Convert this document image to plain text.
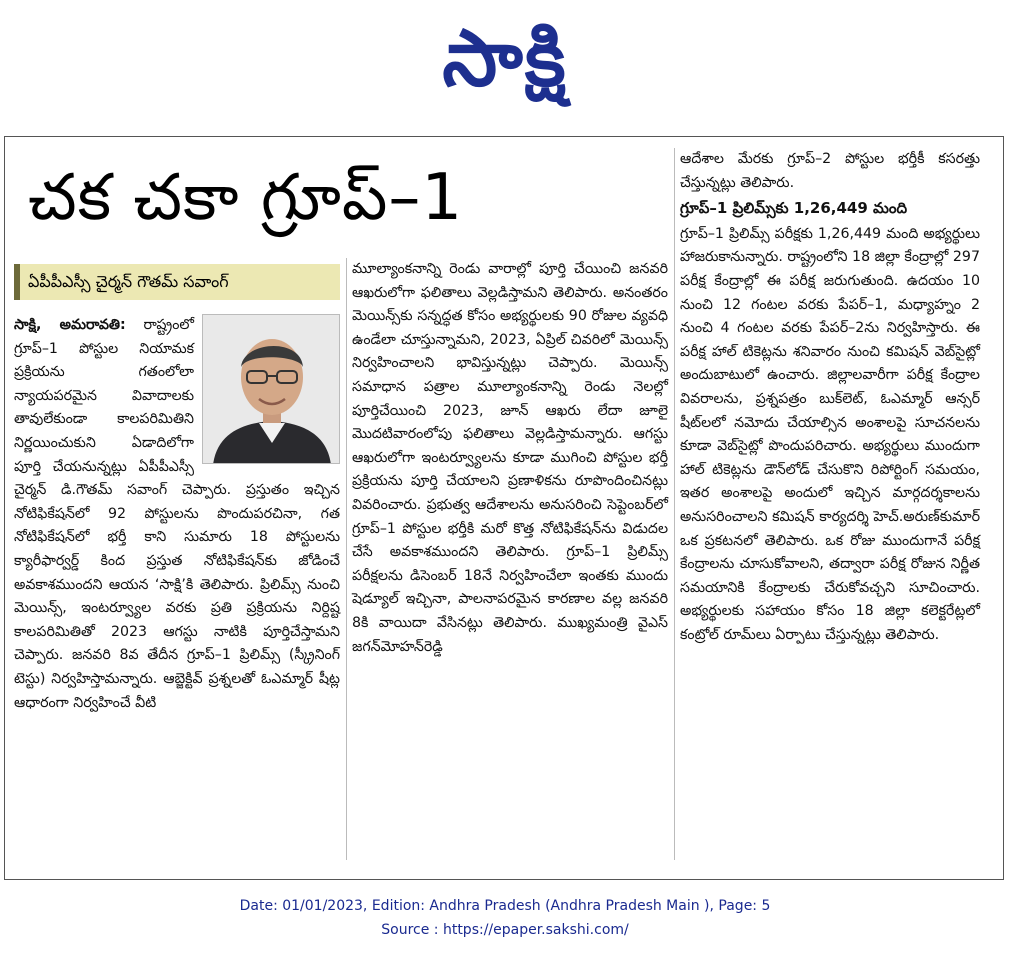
సాక్షి
చక చకా గ్రూప్‌–1
ఏపీపీఎస్సీ చైర్మన్‌ గౌతమ్‌ సవాంగ్‌

సాక్షి, అమరావతి: రాష్ట్రంలో గ్రూప్‌–1 పోస్టుల నియామక ప్రక్రియను గతంలోలా న్యాయపరమైన వివాదాలకు తావులేకుండా కాలపరిమితిని నిర్ణయించుకుని ఏడాదిలోగా పూర్తి చేయనున్నట్లు ఏపీపీఎస్సీ చైర్మన్‌ డి.గౌతమ్‌ సవాంగ్‌ చెప్పారు. ప్రస్తుతం ఇచ్చిన నోటిఫికేషన్‌లో 92 పోస్టులను పొందుపరచినా, గత నోటిఫికేషన్‌లో భర్తీ కాని సుమారు 18 పోస్టులను క్యారీఫార్వర్డ్‌ కింద ప్రస్తుత నోటిఫికేషన్‌కు జోడించే అవకాశముందని ఆయన ‘సాక్షి’కి తెలిపారు. ప్రిలిమ్స్‌ నుంచి మెయిన్స్, ఇంటర్వ్యూల వరకు ప్రతి ప్రక్రియను నిర్దిష్ట కాలపరిమితితో 2023 ఆగస్టు నాటికి పూర్తిచేస్తామని చెప్పారు. జనవరి 8వ తేదీన గ్రూప్‌–1 ప్రిలిమ్స్‌ (స్క్రీనింగ్‌ టెస్టు) నిర్వహిస్తామన్నారు. ఆబ్జెక్టివ్‌ ప్రశ్నలతో ఓఎమ్మార్‌ షీట్ల ఆధారంగా నిర్వహించే వీటి

మూల్యాంకనాన్ని రెండు వారాల్లో పూర్తి చేయించి జనవరి ఆఖరులోగా ఫలితాలు వెల్లడిస్తామని తెలిపారు. అనంతరం మెయిన్స్‌కు సన్నద్ధత కోసం అభ్యర్థులకు 90 రోజుల వ్యవధి ఉండేలా చూస్తున్నామని, 2023, ఏప్రిల్‌ చివరిలో మెయిన్స్‌ నిర్వహించాలని భావిస్తున్నట్లు చెప్పారు. మెయిన్స్‌ సమాధాన పత్రాల మూల్యాంకనాన్ని రెండు నెలల్లో పూర్తిచేయించి 2023, జూన్‌ ఆఖరు లేదా జూలై మొదటివారంలోపు ఫలితాలు వెల్లడిస్తామన్నారు. ఆగస్టు ఆఖరులోగా ఇంటర్వ్యూలను కూడా ముగించి పోస్టుల భర్తీ ప్రక్రియను పూర్తి చేయాలని ప్రణాళికను రూపొందించినట్లు వివరించారు. ప్రభుత్వ ఆదేశాలను అనుసరించి సెప్టెంబర్‌లో గ్రూప్‌–1 పోస్టుల భర్తీకి మరో కొత్త నోటిఫికేషన్‌ను విడుదల చేసే అవకాశముందని తెలిపారు. గ్రూప్‌–1 ప్రిలిమ్స్‌ పరీక్షలను డిసెంబర్‌ 18నే నిర్వహించేలా ఇంతకు ముందు షెడ్యూల్‌ ఇచ్చినా, పాలనాపరమైన కారణాల వల్ల జనవరి 8కి వాయిదా వేసినట్లు తెలిపారు. ముఖ్యమంత్రి వైఎస్‌ జగన్‌మోహన్‌రెడ్డి

ఆదేశాల మేరకు గ్రూప్‌–2 పోస్టుల భర్తీకీ కసరత్తు చేస్తున్నట్లు తెలిపారు.

గ్రూప్‌–1 ప్రిలిమ్స్‌కు 1,26,449 మంది

గ్రూప్‌–1 ప్రిలిమ్స్‌ పరీక్షకు 1,26,449 మంది అభ్యర్థులు హాజరుకానున్నారు. రాష్ట్రంలోని 18 జిల్లా కేంద్రాల్లో 297 పరీక్ష కేంద్రాల్లో ఈ పరీక్ష జరుగుతుంది. ఉదయం 10 నుంచి 12 గంటల వరకు పేపర్‌–1, మధ్యాహ్నం 2 నుంచి 4 గంటల వరకు పేపర్‌–2ను నిర్వహిస్తారు. ఈ పరీక్ష హాల్‌ టికెట్లను శనివారం నుంచి కమిషన్‌ వెబ్‌సైట్లో అందుబాటులో ఉంచారు. జిల్లాలవారీగా పరీక్ష కేంద్రాల వివరాలను, ప్రశ్నపత్రం బుక్‌లెట్, ఓఎమ్మార్‌ ఆన్సర్‌ షీట్‌లలో నమోదు చేయాల్సిన అంశాలపై సూచనలను కూడా వెబ్‌సైట్లో పొందుపరిచారు. అభ్యర్థులు ముందుగా హాల్‌ టికెట్లను డౌన్‌లోడ్‌ చేసుకొని రిపోర్టింగ్‌ సమయం, ఇతర అంశాలపై అందులో ఇచ్చిన మార్గదర్శకాలను అనుసరించాలని కమిషన్‌ కార్యదర్శి హెచ్‌.అరుణ్‌కుమార్‌ ఒక ప్రకటనలో తెలిపారు. ఒక రోజు ముందుగానే పరీక్ష కేంద్రాలను చూసుకోవాలని, తద్వారా పరీక్ష రోజున నిర్ణీత సమయానికి కేంద్రాలకు చేరుకోవచ్చని సూచించారు. అభ్యర్థులకు సహాయం కోసం 18 జిల్లా కలెక్టరేట్లలో కంట్రోల్‌ రూమ్‌లు ఏర్పాటు చేస్తున్నట్లు తెలిపారు.

Date: 01/01/2023, Edition: Andhra Pradesh (Andhra Pradesh Main ), Page: 5
Source : https://epaper.sakshi.com/
